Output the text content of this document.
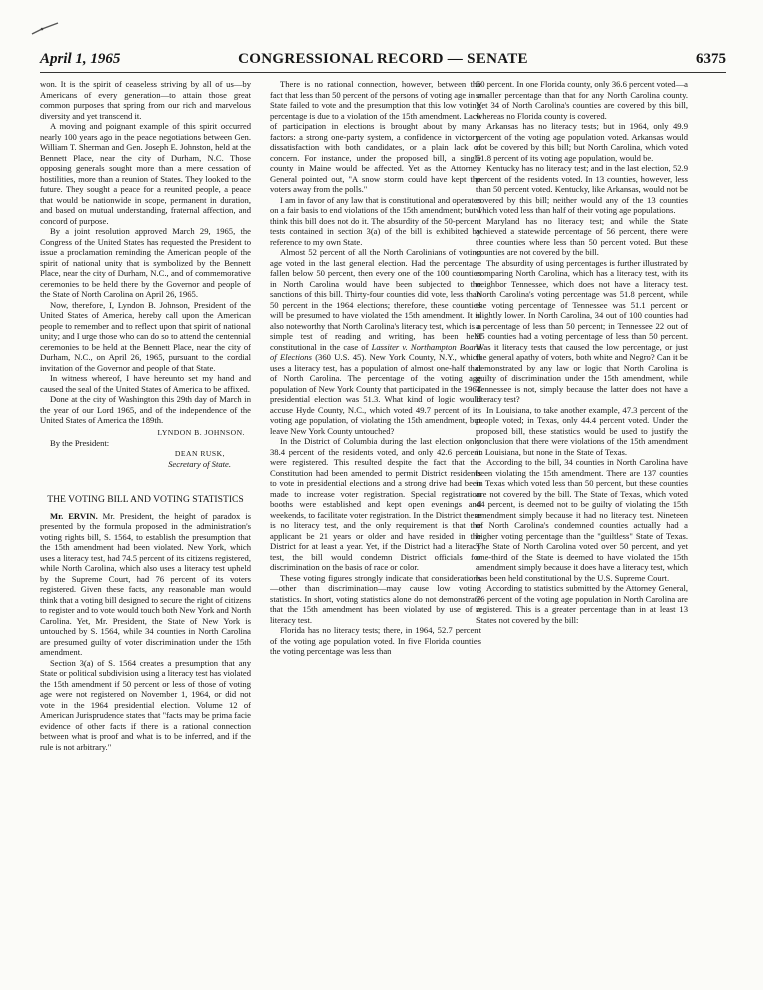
April 1, 1965	CONGRESSIONAL RECORD — SENATE	6375

won. It is the spirit of ceaseless striving by all of us—by Americans of every generation—to attain those great common purposes that spring from our rich and marvelous diversity and yet transcend it.

A moving and poignant example of this spirit occurred nearly 100 years ago in the peace negotiations between Gen. William T. Sherman and Gen. Joseph E. Johnston, held at the Bennett Place, near the city of Durham, N.C. Those opposing generals sought more than a mere cessation of hostilities, more than a reunion of States. They looked to the future. They sought a peace for a reunited people, a peace that would be nationwide in scope, permanent in duration, and based on mutual understanding, fraternal affection, and concord of purpose.

By a joint resolution approved March 29, 1965, the Congress of the United States has requested the President to issue a proclamation reminding the American people of the spirit of national unity that is symbolized by the Bennett Place, near the city of Durham, N.C., and of commemorative ceremonies to be held there by the Governor and people of the State of North Carolina on April 26, 1965.

Now, therefore, I, Lyndon B. Johnson, President of the United States of America, hereby call upon the American people to remember and to reflect upon that spirit of national unity; and I urge those who can do so to attend the centennial ceremonies to be held at the Bennett Place, near the city of Durham, N.C., on April 26, 1965, pursuant to the cordial invitation of the Governor and people of that State.

In witness whereof, I have hereunto set my hand and caused the seal of the United States of America to be affixed.

Done at the city of Washington this 29th day of March in the year of our Lord 1965, and of the independence of the United States of America the 189th.

LYNDON B. JOHNSON.

By the President:

DEAN RUSK,
Secretary of State.
THE VOTING BILL AND VOTING STATISTICS

Mr. ERVIN. Mr. President, the height of paradox is presented by the formula proposed in the administration's voting rights bill, S. 1564, to establish the presumption that the 15th amendment had been violated. New York, which uses a literacy test, had 74.5 percent of its citizens registered, while North Carolina, which also uses a literacy test upheld by the Supreme Court, had 76 percent of its voters registered. Given these facts, any reasonable man would think that a voting bill designed to secure the right of citizens to register and to vote would touch both New York and North Carolina. Yet, Mr. President, the State of New York is untouched by S. 1564, while 34 counties in North Carolina are presumed guilty of voter discrimination under the 15th amendment.

Section 3(a) of S. 1564 creates a presumption that any State or political subdivision using a literacy test has violated the 15th amendment if 50 percent or less of those of voting age were not registered on November 1, 1964, or did not vote in the 1964 presidential election. Volume 12 of American Jurisprudence states that "facts may be prima facie evidence of other facts if there is a rational connection between what is proof and what is to be inferred, and if the rule is not arbitrary."

There is no rational connection, however, between the fact that less than 50 percent of the persons of voting age in a State failed to vote and the presumption that this low voting percentage is due to a violation of the 15th amendment. Lack of participation in elections is brought about by many factors: a strong one-party system, a confidence in victory, dissatisfaction with both candidates, or a plain lack of concern. For instance, under the proposed bill, a single county in Maine would be affected. Yet as the Attorney General pointed out, "A snow storm could have kept the voters away from the polls."

I am in favor of any law that is constitutional and operates on a fair basis to end violations of the 15th amendment; but I think this bill does not do it. The absurdity of the 50-percent tests contained in section 3(a) of the bill is exhibited by reference to my own State.

Almost 52 percent of all the North Carolinians of voting age voted in the last general election. Had the percentage fallen below 50 percent, then every one of the 100 counties in North Carolina would have been subjected to the sanctions of this bill. Thirty-four counties did vote, less than 50 percent in the 1964 elections; therefore, these counties will be presumed to have violated the 15th amendment. It is also noteworthy that North Carolina's literacy test, which is a simple test of reading and writing, has been held constitutional in the case of Lassiter v. Northampton Board of Elections (360 U.S. 45). New York County, N.Y., which uses a literacy test, has a population of almost one-half that of North Carolina. The percentage of the voting age population of New York County that participated in the 1964 presidential election was 51.3. What kind of logic would accuse Hyde County, N.C., which voted 49.7 percent of its voting age population, of violating the 15th amendment, but leave New York County untouched?

In the District of Columbia during the last election only 38.4 percent of the residents voted, and only 42.6 percent were registered. This resulted despite the fact that the Constitution had been amended to permit District residents to vote in presidential elections and a strong drive had been made to increase voter registration. Special registration booths were established and kept open evenings and weekends, to facilitate voter registration. In the District there is no literacy test, and the only requirement is that the applicant be 21 years or older and have resided in the District for at least a year. Yet, if the District had a literacy test, the bill would condemn District officials for discrimination on the basis of race or color.

These voting figures strongly indicate that considerations—other than discrimination—may cause low voting statistics. In short, voting statistics alone do not demonstrate that the 15th amendment has been violated by use of a literacy test.

Florida has no literacy tests; there, in 1964, 52.7 percent of the voting age population voted. In five Florida counties the voting percentage was less than

50 percent. In one Florida county, only 36.6 percent voted—a smaller percentage than that for any North Carolina county. Yet 34 of North Carolina's counties are covered by this bill, whereas no Florida county is covered.

Arkansas has no literacy tests; but in 1964, only 49.9 percent of the voting age population voted. Arkansas would not be covered by this bill; but North Carolina, which voted 51.8 percent of its voting age population, would be.

Kentucky has no literacy test; and in the last election, 52.9 percent of the residents voted. In 13 counties, however, less than 50 percent voted. Kentucky, like Arkansas, would not be covered by this bill; neither would any of the 13 counties which voted less than half of their voting age populations.

Maryland has no literacy test; and while the State achieved a statewide percentage of 56 percent, there were three counties where less than 50 percent voted. But these counties are not covered by the bill.

The absurdity of using percentages is further illustrated by comparing North Carolina, which has a literacy test, with its neighbor Tennessee, which does not have a literacy test. North Carolina's voting percentage was 51.8 percent, while the voting percentage of Tennessee was 51.1 percent or slightly lower. In North Carolina, 34 out of 100 counties had a percentage of less than 50 percent; in Tennessee 22 out of 95 counties had a voting percentage of less than 50 percent. Was it literacy tests that caused the low percentage, or just the general apathy of voters, both white and Negro? Can it be demonstrated by any law or logic that North Carolina is guilty of discrimination under the 15th amendment, while Tennessee is not, simply because the latter does not have a literacy test?

In Louisiana, to take another example, 47.3 percent of the people voted; in Texas, only 44.4 percent voted. Under the proposed bill, these statistics would be used to justify the conclusion that there were violations of the 15th amendment in Louisiana, but none in the State of Texas.

According to the bill, 34 counties in North Carolina have been violating the 15th amendment. There are 137 counties in Texas which voted less than 50 percent, but these counties are not covered by the bill. The State of Texas, which voted 44 percent, is deemed not to be guilty of violating the 15th amendment simply because it had no literacy test. Nineteen of North Carolina's condemned counties actually had a higher voting percentage than the "guiltless" State of Texas. The State of North Carolina voted over 50 percent, and yet one-third of the State is deemed to have violated the 15th amendment simply because it does have a literacy test, which has been held constitutional by the U.S. Supreme Court.

According to statistics submitted by the Attorney General, 76 percent of the voting age population in North Carolina are registered. This is a greater percentage than in at least 13 States not covered by the bill:
